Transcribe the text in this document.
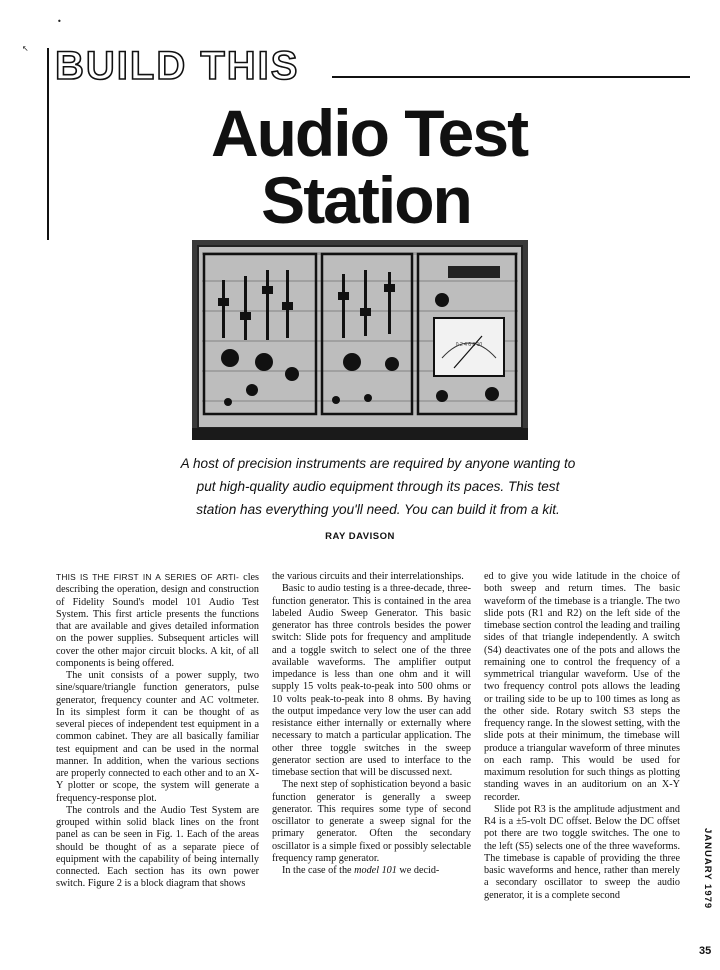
•
↖ BUILD THIS
Audio Test
Station
0 2 4 6 8 10
A host of precision instruments are required by anyone wanting to
put high-quality audio equipment through its paces. This test
station has everything you'll need. You can build it from a kit.
RAY DAVISON

THIS IS THE FIRST IN A SERIES OF ARTI- cles describing the operation, design and construction of Fidelity Sound's model 101 Audio Test System. This first article presents the functions that are available and gives detailed information on the power supplies. Subsequent articles will cover the other major circuit blocks. A kit, of all components is being offered.

The unit consists of a power supply, two sine/square/triangle function generators, pulse generator, frequency counter and AC voltmeter. In its simplest form it can be thought of as several pieces of independent test equipment in a common cabinet. They are all basically familiar test equipment and can be used in the normal manner. In addition, when the various sections are properly connected to each other and to an X-Y plotter or scope, the system will generate a frequency-response plot.

The controls and the Audio Test System are grouped within solid black lines on the front panel as can be seen in Fig. 1. Each of the areas should be thought of as a separate piece of equipment with the capability of being internally connected. Each section has its own power switch. Figure 2 is a block diagram that shows

the various circuits and their interrelationships.

Basic to audio testing is a three-decade, three-function generator. This is contained in the area labeled Audio Sweep Generator. This basic generator has three controls besides the power switch: Slide pots for frequency and amplitude and a toggle switch to select one of the three available waveforms. The amplifier output impedance is less than one ohm and it will supply 15 volts peak-to-peak into 500 ohms or 10 volts peak-to-peak into 8 ohms. By having the output impedance very low the user can add resistance either internally or externally where necessary to match a particular application. The other three toggle switches in the sweep generator section are used to interface to the timebase section that will be discussed next.

The next step of sophistication beyond a basic function generator is generally a sweep generator. This requires some type of second oscillator to generate a sweep signal for the primary generator. Often the secondary oscillator is a simple fixed or possibly selectable frequency ramp generator.

In the case of the model 101 we decid-

ed to give you wide latitude in the choice of both sweep and return times. The basic waveform of the timebase is a triangle. The two slide pots (R1 and R2) on the left side of the timebase section control the leading and trailing sides of that triangle independently. A switch (S4) deactivates one of the pots and allows the remaining one to control the frequency of a symmetrical triangular waveform. Use of the two frequency control pots allows the leading or trailing side to be up to 100 times as long as the other side. Rotary switch S3 steps the frequency range. In the slowest setting, with the slide pots at their minimum, the timebase will produce a triangular waveform of three minutes on each ramp. This would be used for maximum resolution for such things as plotting standing waves in an auditorium on an X-Y recorder.

Slide pot R3 is the amplitude adjustment and R4 is a ±5-volt DC offset. Below the DC offset pot there are two toggle switches. The one to the left (S5) selects one of the three waveforms. The timebase is capable of providing the three basic waveforms and hence, rather than merely a secondary oscillator to sweep the audio generator, it is a complete second	JANUARY 1979
35
